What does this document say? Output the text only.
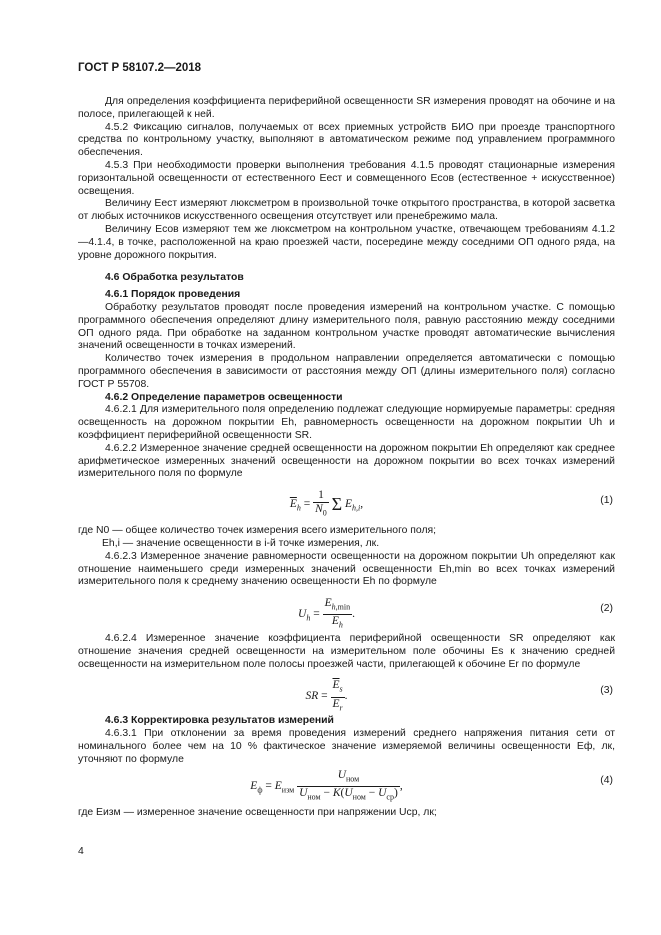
ГОСТ Р 58107.2—2018

Для определения коэффициента периферийной освещенности SR измерения проводят на обочине и на полосе, прилегающей к ней.

4.5.2 Фиксацию сигналов, получаемых от всех приемных устройств БИО при проезде транспортного средства по контрольному участку, выполняют в автоматическом режиме под управлением программного обеспечения.

4.5.3 При необходимости проверки выполнения требования 4.1.5 проводят стационарные измерения горизонтальной освещенности от естественного Eест и совмещенного Eсов (естественное + искусственное) освещения.

Величину Eест измеряют люксметром в произвольной точке открытого пространства, в которой засветка от любых источников искусственного освещения отсутствует или пренебрежимо мала.

Величину Eсов измеряют тем же люксметром на контрольном участке, отвечающем требованиям 4.1.2—4.1.4, в точке, расположенной на краю проезжей части, посередине между соседними ОП одного ряда, на уровне дорожного покрытия.

4.6 Обработка результатов

4.6.1 Порядок проведения

Обработку результатов проводят после проведения измерений на контрольном участке. С помощью программного обеспечения определяют длину измерительного поля, равную расстоянию между соседними ОП одного ряда. При обработке на заданном контрольном участке проводят автоматические вычисления значений освещенности в точках измерений.

Количество точек измерения в продольном направлении определяется автоматически с помощью программного обеспечения в зависимости от расстояния между ОП (длины измерительного поля) согласно ГОСТ Р 55708.

4.6.2 Определение параметров освещенности

4.6.2.1 Для измерительного поля определению подлежат следующие нормируемые параметры: средняя освещенность на дорожном покрытии Eh, равномерность освещенности на дорожном покрытии Uh и коэффициент периферийной освещенности SR.

4.6.2.2 Измеренное значение средней освещенности на дорожном покрытии Eh определяют как среднее арифметическое измеренных значений освещенности на дорожном покрытии во всех точках измерений измерительного поля по формуле

$\overline{E}_h = \frac{1}{N_0}$ Σ $E_{h,i}$,	(1)

где N0 — общее количество точек измерения всего измерительного поля;

Eh,i — значение освещенности в i-й точке измерения, лк.

4.6.2.3 Измеренное значение равномерности освещенности на дорожном покрытии Uh определяют как отношение наименьшего среди измеренных значений освещенности Eh,min во всех точках измерений измерительного поля к среднему значению освещенности Eh по формуле

$U_h = \frac{E_{h,min}}{\overline{E}_h}$ .	(2)

4.6.2.4 Измеренное значение коэффициента периферийной освещенности SR определяют как отношение значения средней освещенности на измерительном поле обочины Es к значению средней освещенности на измерительном поле полосы проезжей части, прилегающей к обочине Er по формуле

SR = $\frac{\overline{E}_s}{\overline{E}_r}$ .	(3)

4.6.3 Корректировка результатов измерений

4.6.3.1 При отклонении за время проведения измерений среднего напряжения питания сети от номинального более чем на 10 % фактическое значение измеряемой величины освещенности Eф, лк, уточняют по формуле

$E_ф = E_{изм} \frac{U_{ном}}{U_{ном} - K(U_{ном} - U_{ср})}$ ,	(4)

где Eизм — измеренное значение освещенности при напряжении Uср, лк;

4
